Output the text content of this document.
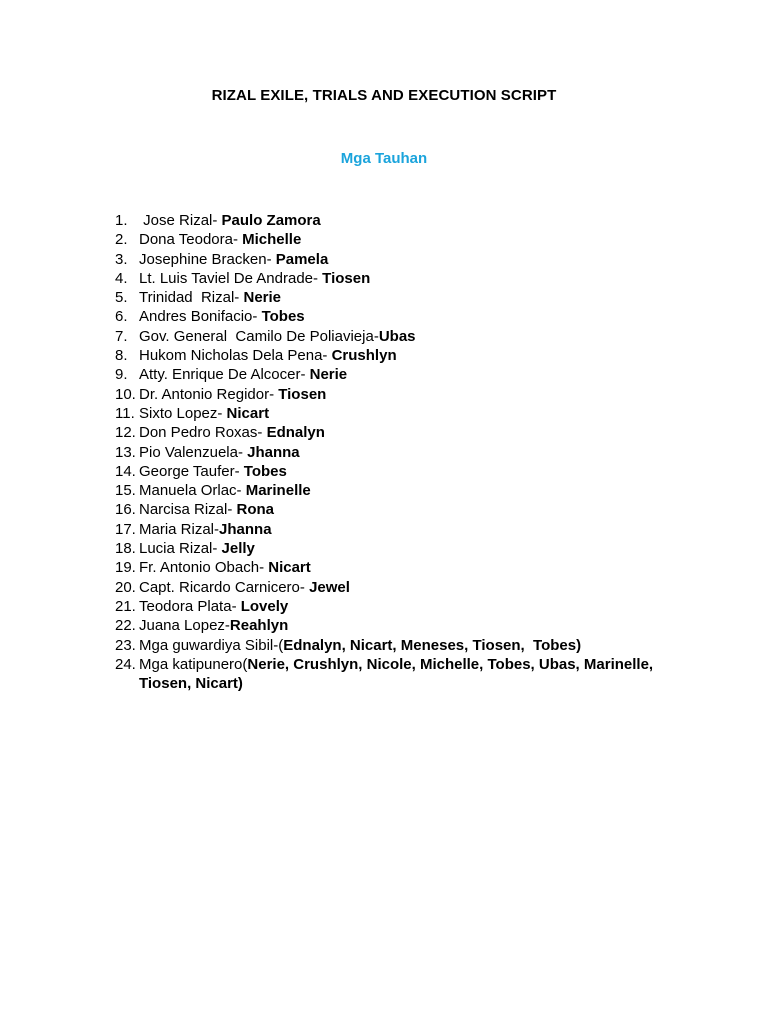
RIZAL EXILE, TRIALS AND EXECUTION SCRIPT
Mga Tauhan
1. Jose Rizal- Paulo Zamora
2. Dona Teodora- Michelle
3. Josephine Bracken- Pamela
4. Lt. Luis Taviel De Andrade- Tiosen
5. Trinidad  Rizal- Nerie
6. Andres Bonifacio- Tobes
7. Gov. General  Camilo De Poliavieja-Ubas
8. Hukom Nicholas Dela Pena- Crushlyn
9. Atty. Enrique De Alcocer- Nerie
10. Dr. Antonio Regidor- Tiosen
11. Sixto Lopez- Nicart
12. Don Pedro Roxas- Ednalyn
13. Pio Valenzuela- Jhanna
14. George Taufer- Tobes
15. Manuela Orlac- Marinelle
16. Narcisa Rizal- Rona
17. Maria Rizal-Jhanna
18. Lucia Rizal- Jelly
19. Fr. Antonio Obach- Nicart
20. Capt. Ricardo Carnicero- Jewel
21. Teodora Plata- Lovely
22. Juana Lopez-Reahlyn
23. Mga guwardiya Sibil-(Ednalyn, Nicart, Meneses, Tiosen,  Tobes)
24. Mga katipunero(Nerie, Crushlyn, Nicole, Michelle, Tobes, Ubas, Marinelle, Tiosen, Nicart)
